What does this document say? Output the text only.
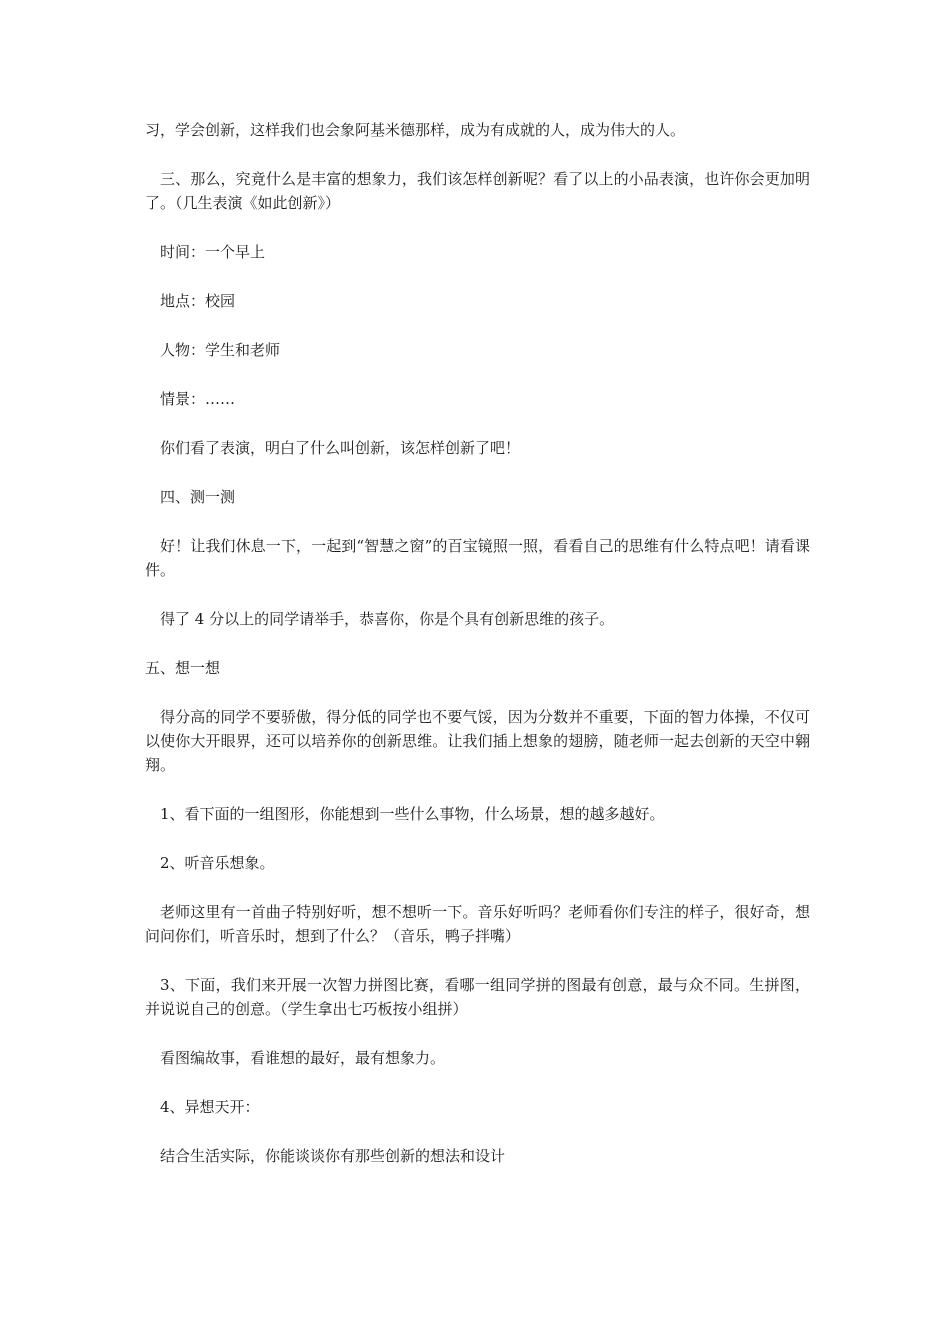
习，学会创新，这样我们也会象阿基米德那样，成为有成就的人，成为伟大的人。

三、那么，究竟什么是丰富的想象力，我们该怎样创新呢？看了以上的小品表演，也许你会更加明了。（几生表演《如此创新》）

时间：一个早上

地点：校园

人物：学生和老师

情景：……

你们看了表演，明白了什么叫创新，该怎样创新了吧！

四、测一测

好！让我们休息一下，一起到“智慧之窗”的百宝镜照一照，看看自己的思维有什么特点吧！请看课件。

得了 4 分以上的同学请举手，恭喜你，你是个具有创新思维的孩子。

五、想一想

得分高的同学不要骄傲，得分低的同学也不要气馁，因为分数并不重要，下面的智力体操，不仅可以使你大开眼界，还可以培养你的创新思维。让我们插上想象的翅膀，随老师一起去创新的天空中翱翔。

1、看下面的一组图形，你能想到一些什么事物，什么场景，想的越多越好。

2、听音乐想象。

老师这里有一首曲子特别好听，想不想听一下。音乐好听吗？老师看你们专注的样子，很好奇，想问问你们，听音乐时，想到了什么？（音乐，鸭子拌嘴）

3、下面，我们来开展一次智力拼图比赛，看哪一组同学拼的图最有创意，最与众不同。生拼图，并说说自己的创意。（学生拿出七巧板按小组拼）

看图编故事，看谁想的最好，最有想象力。

4、异想天开：

结合生活实际，你能谈谈你有那些创新的想法和设计
